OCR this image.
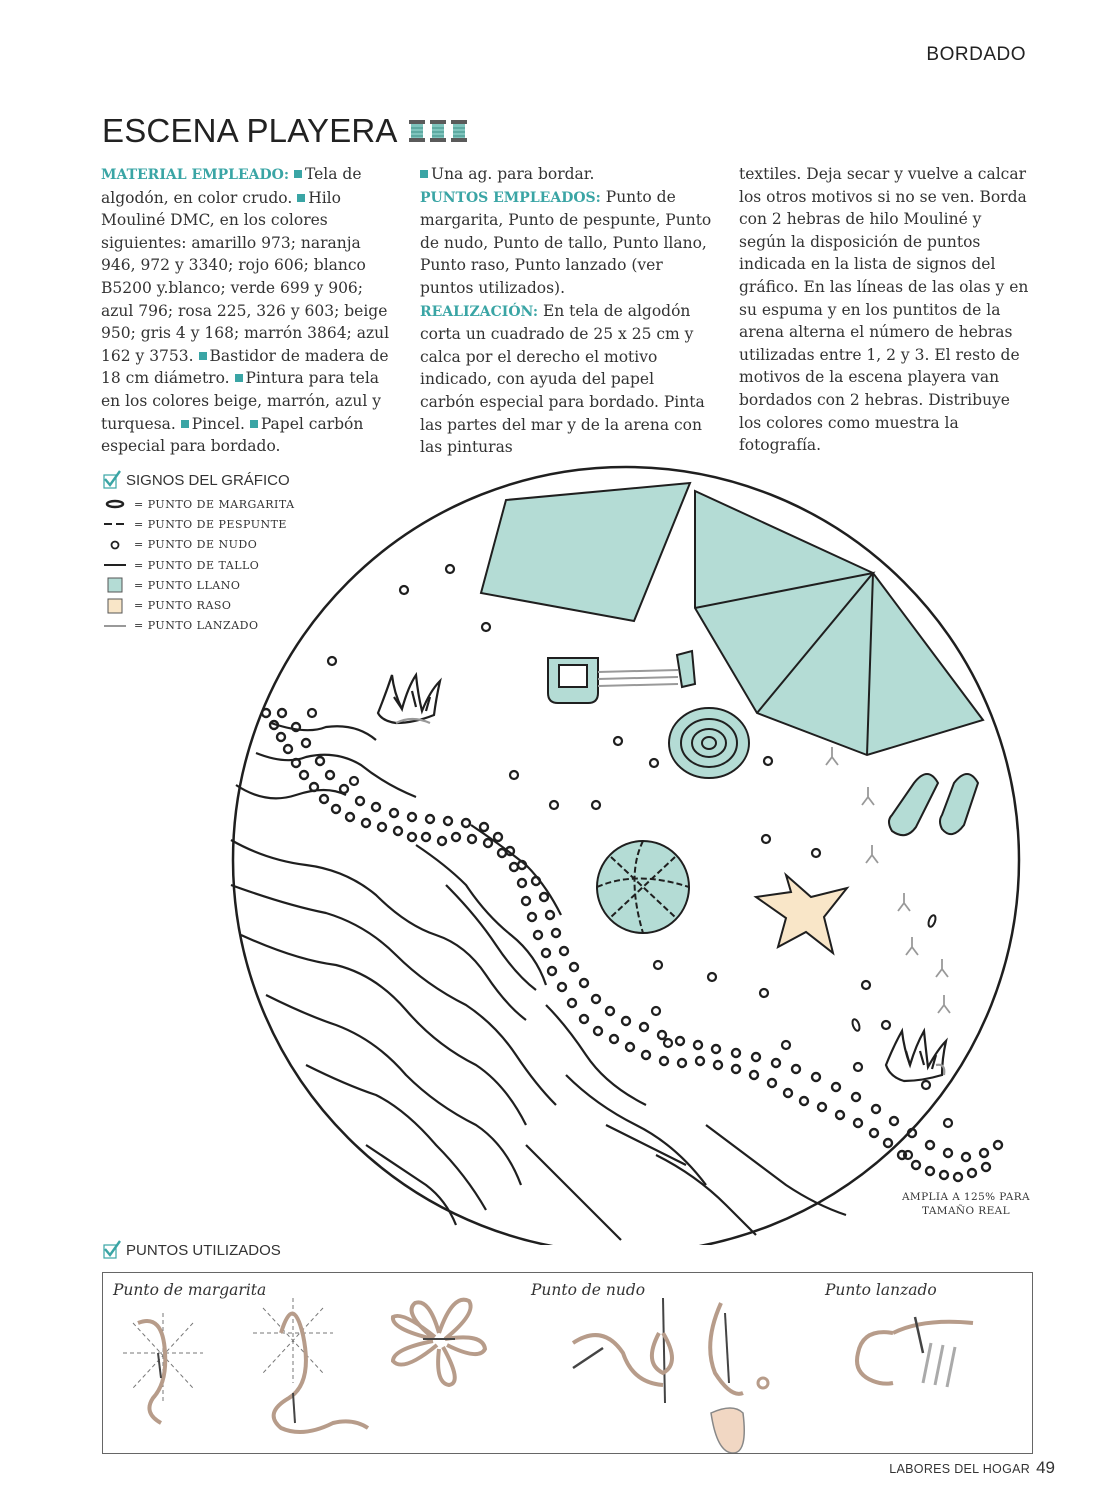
BORDADO
ESCENA PLAYERA

MATERIAL EMPLEADO: Tela de algodón, en color crudo. Hilo Mouliné DMC, en los colores siguientes: amarillo 973; naranja 946, 972 y 3340; rojo 606; blanco B5200 y.blanco; verde 699 y 906; azul 796; rosa 225, 326 y 603; beige 950; gris 4 y 168; marrón 3864; azul 162 y 3753. Bastidor de madera de 18 cm diámetro. Pintura para tela en los colores beige, marrón, azul y turquesa. Pincel. Papel carbón especial para bordado.

Una ag. para bordar.
PUNTOS EMPLEADOS: Punto de margarita, Punto de pespunte, Punto de nudo, Punto de tallo, Punto llano, Punto raso, Punto lanzado (ver puntos utilizados).
REALIZACIÓN: En tela de algodón corta un cuadrado de 25 x 25 cm y calca por el derecho el motivo indicado, con ayuda del papel carbón especial para bordado. Pinta las partes del mar y de la arena con las pinturas

textiles. Deja secar y vuelve a calcar los otros motivos si no se ven. Borda con 2 hebras de hilo Mouliné y según la disposición de puntos indicada en la lista de signos del gráfico. En las líneas de las olas y en su espuma y en los puntitos de la arena alterna el número de hebras utilizadas entre 1, 2 y 3. El resto de motivos de la escena playera van bordados con 2 hebras. Distribuye los colores como muestra la fotografía.

SIGNOS DEL GRÁFICO
= PUNTO DE MARGARITA
= PUNTO DE PESPUNTE
= PUNTO DE NUDO
= PUNTO DE TALLO
= PUNTO LLANO
= PUNTO RASO
= PUNTO LANZADO
AMPLIA A 125% PARA
TAMAÑO REAL
PUNTOS UTILIZADOS
Punto de margarita	Punto de nudo	Punto lanzado
LABORES DEL HOGAR 49
